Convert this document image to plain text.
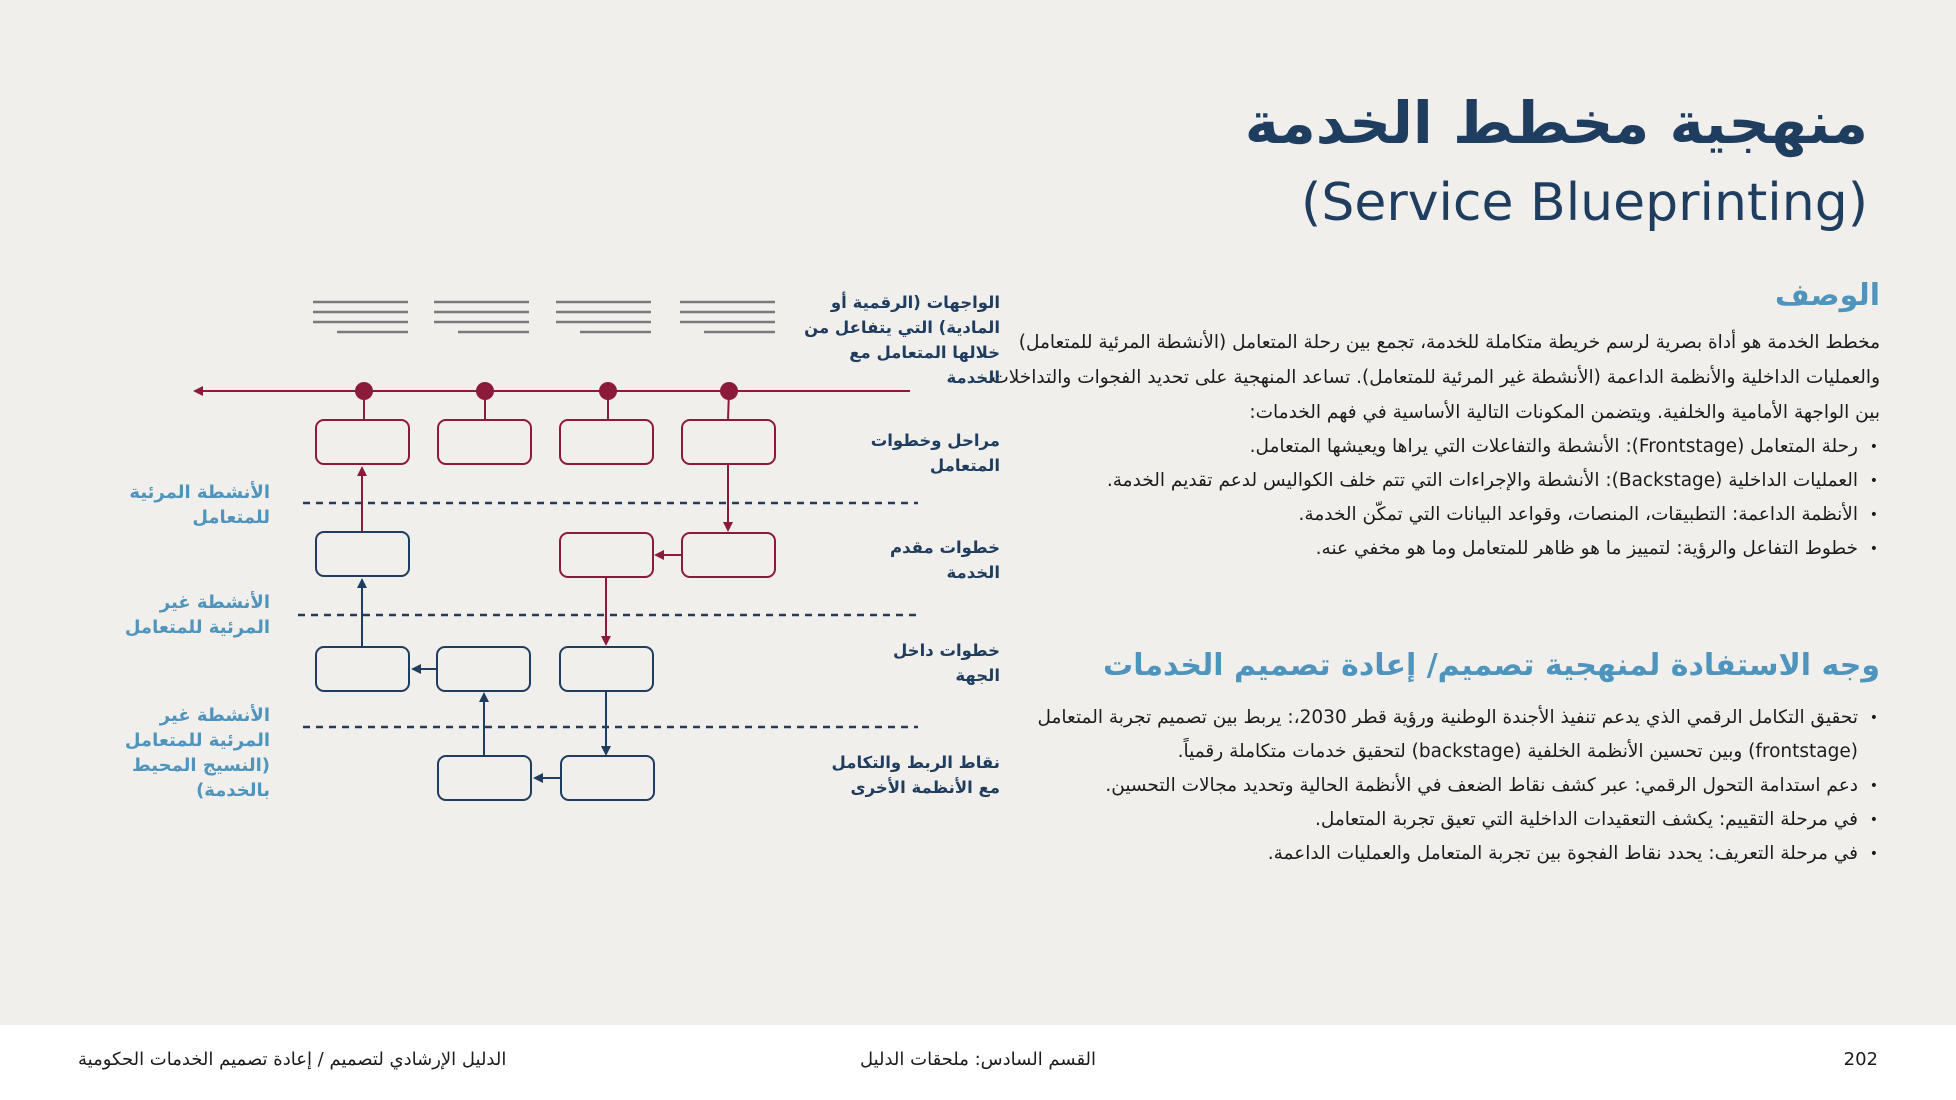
منهجية مخطط الخدمة
(Service Blueprinting)
الوصف

مخطط الخدمة هو أداة بصرية لرسم خريطة متكاملة للخدمة، تجمع بين رحلة المتعامل (الأنشطة المرئية للمتعامل) والعمليات الداخلية والأنظمة الداعمة (الأنشطة غير المرئية للمتعامل). تساعد المنهجية على تحديد الفجوات والتداخلات بين الواجهة الأمامية والخلفية. ويتضمن المكونات التالية الأساسية في فهم الخدمات:

• رحلة المتعامل (Frontstage): الأنشطة والتفاعلات التي يراها ويعيشها المتعامل.
• العمليات الداخلية (Backstage): الأنشطة والإجراءات التي تتم خلف الكواليس لدعم تقديم الخدمة.
• الأنظمة الداعمة: التطبيقات، المنصات، وقواعد البيانات التي تمكّن الخدمة.
• خطوط التفاعل والرؤية: لتمييز ما هو ظاهر للمتعامل وما هو مخفي عنه.
وجه الاستفادة لمنهجية تصميم/ إعادة تصميم الخدمات
• تحقيق التكامل الرقمي الذي يدعم تنفيذ الأجندة الوطنية ورؤية قطر 2030،: يربط بين تصميم تجربة المتعامل (frontstage) وبين تحسين الأنظمة الخلفية (backstage) لتحقيق خدمات متكاملة رقمياً.
• دعم استدامة التحول الرقمي: عبر كشف نقاط الضعف في الأنظمة الحالية وتحديد مجالات التحسين.
• في مرحلة التقييم: يكشف التعقيدات الداخلية التي تعيق تجربة المتعامل.
• في مرحلة التعريف: يحدد نقاط الفجوة بين تجربة المتعامل والعمليات الداعمة.
الواجهات (الرقمية أو المادية) التي يتفاعل من خلالها المتعامل مع الخدمة
مراحل وخطوات المتعامل
خطوات مقدم الخدمة
خطوات داخل الجهة
نقاط الربط والتكامل مع الأنظمة الأخرى
الأنشطة المرئية للمتعامل
الأنشطة غير المرئية للمتعامل
الأنشطة غير المرئية للمتعامل (النسيج المحيط بالخدمة)
الدليل الإرشادي لتصميم / إعادة تصميم الخدمات الحكومية	القسم السادس: ملحقات الدليل	202
